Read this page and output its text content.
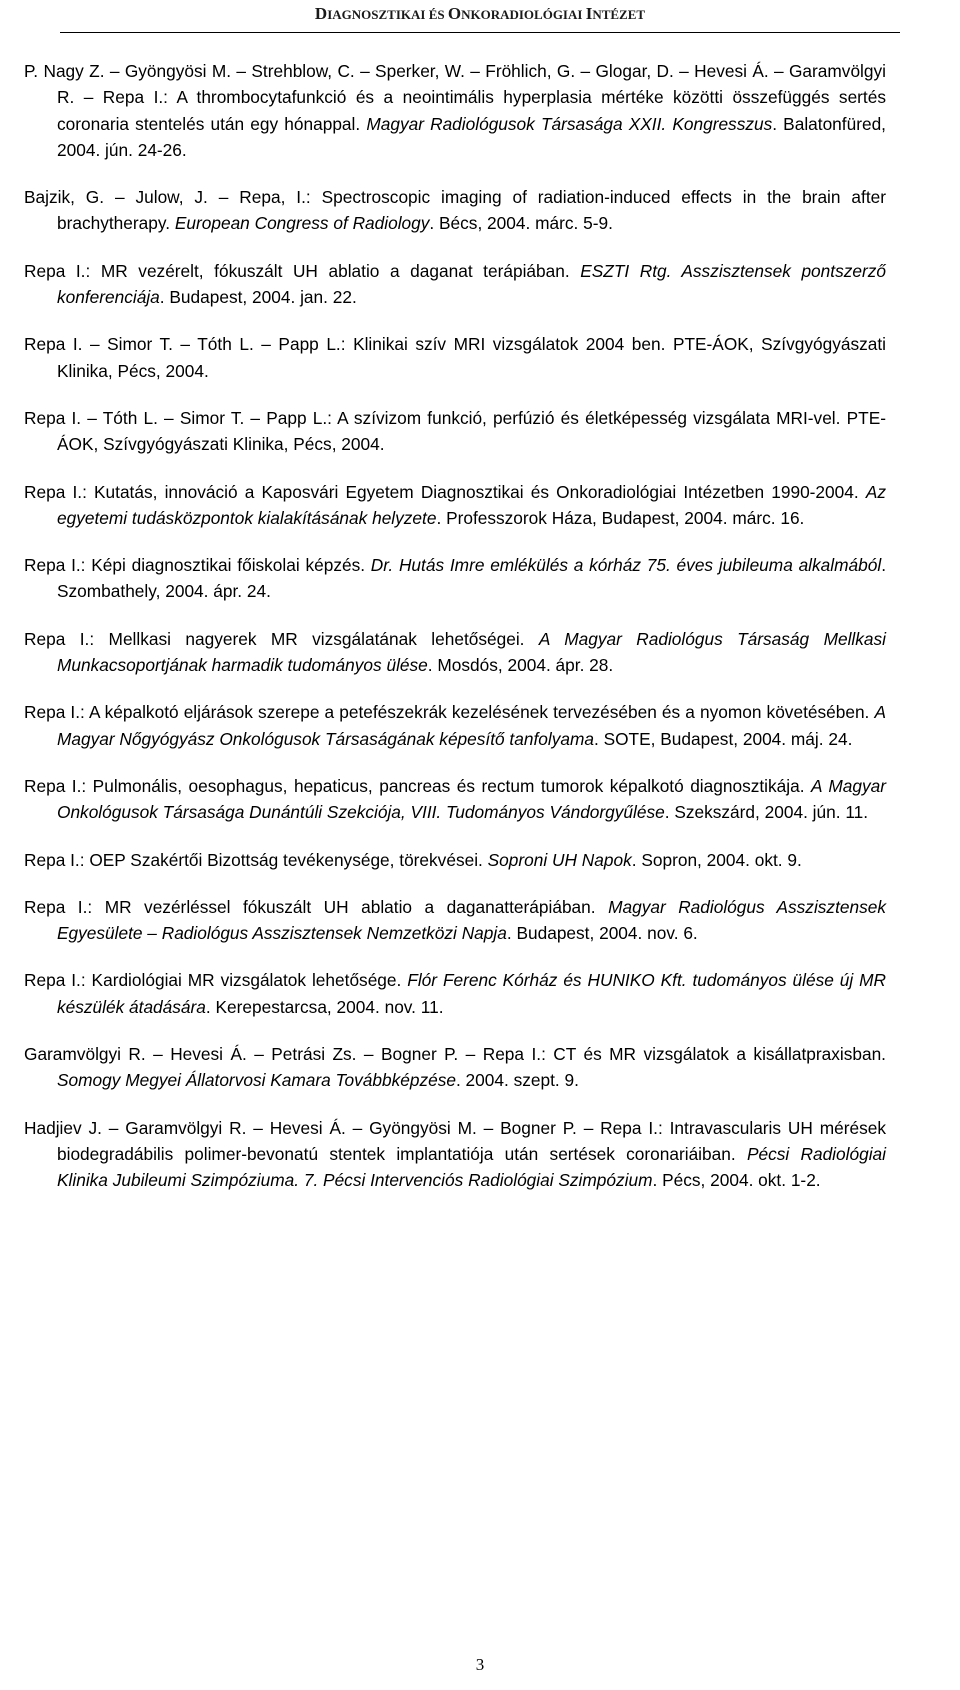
DIAGNOSZTIKAI ÉS ONKORADIOLÓGIAI INTÉZET
P. Nagy Z. – Gyöngyösi M. – Strehblow, C. – Sperker, W. – Fröhlich, G. – Glogar, D. – Hevesi Á. – Garamvölgyi R. – Repa I.: A thrombocytafunkció és a neointimális hyperplasia mértéke közötti összefüggés sertés coronaria stentelés után egy hónappal. Magyar Radiológusok Társasága XXII. Kongresszus. Balatonfüred, 2004. jún. 24-26.
Bajzik, G. – Julow, J. – Repa, I.: Spectroscopic imaging of radiation-induced effects in the brain after brachytherapy. European Congress of Radiology. Bécs, 2004. márc. 5-9.
Repa I.: MR vezérelt, fókuszált UH ablatio a daganat terápiában. ESZTI Rtg. Asszisztensek pontszerző konferenciája. Budapest, 2004. jan. 22.
Repa I. – Simor T. – Tóth L. – Papp L.: Klinikai szív MRI vizsgálatok 2004 ben. PTE-ÁOK, Szívgyógyászati Klinika, Pécs, 2004.
Repa I. – Tóth L. – Simor T. – Papp L.: A szívizom funkció, perfúzió és életképesség vizsgálata MRI-vel. PTE-ÁOK, Szívgyógyászati Klinika, Pécs, 2004.
Repa I.: Kutatás, innováció a Kaposvári Egyetem Diagnosztikai és Onkoradiológiai Intézetben 1990-2004. Az egyetemi tudásközpontok kialakításának helyzete. Professzorok Háza, Budapest, 2004. márc. 16.
Repa I.: Képi diagnosztikai főiskolai képzés. Dr. Hutás Imre emlékülés a kórház 75. éves jubileuma alkalmából. Szombathely, 2004. ápr. 24.
Repa I.: Mellkasi nagyerek MR vizsgálatának lehetőségei. A Magyar Radiológus Társaság Mellkasi Munkacsoportjának harmadik tudományos ülése. Mosdós, 2004. ápr. 28.
Repa I.: A képalkotó eljárások szerepe a petefészekrák kezelésének tervezésében és a nyomon követésében. A Magyar Nőgyógyász Onkológusok Társaságának képesítő tanfolyama. SOTE, Budapest, 2004. máj. 24.
Repa I.: Pulmonális, oesophagus, hepaticus, pancreas és rectum tumorok képalkotó diagnosztikája. A Magyar Onkológusok Társasága Dunántúli Szekciója, VIII. Tudományos Vándorgyűlése. Szekszárd, 2004. jún. 11.
Repa I.: OEP Szakértői Bizottság tevékenysége, törekvései. Soproni UH Napok. Sopron, 2004. okt. 9.
Repa I.: MR vezérléssel fókuszált UH ablatio a daganatterápiában. Magyar Radiológus Asszisztensek Egyesülete – Radiológus Asszisztensek Nemzetközi Napja. Budapest, 2004. nov. 6.
Repa I.: Kardiológiai MR vizsgálatok lehetősége. Flór Ferenc Kórház és HUNIKO Kft. tudományos ülése új MR készülék átadására. Kerepestarcsa, 2004. nov. 11.
Garamvölgyi R. – Hevesi Á. – Petrási Zs. – Bogner P. – Repa I.: CT és MR vizsgálatok a kisállatpraxisban. Somogy Megyei Állatorvosi Kamara Továbbképzése. 2004. szept. 9.
Hadjiev J. – Garamvölgyi R. – Hevesi Á. – Gyöngyösi M. – Bogner P. – Repa I.: Intravascularis UH mérések biodegradábilis polimer-bevonatú stentek implantatiója után sertések coronariáiban. Pécsi Radiológiai Klinika Jubileumi Szimpóziuma. 7. Pécsi Intervenciós Radiológiai Szimpózium. Pécs, 2004. okt. 1-2.
3
